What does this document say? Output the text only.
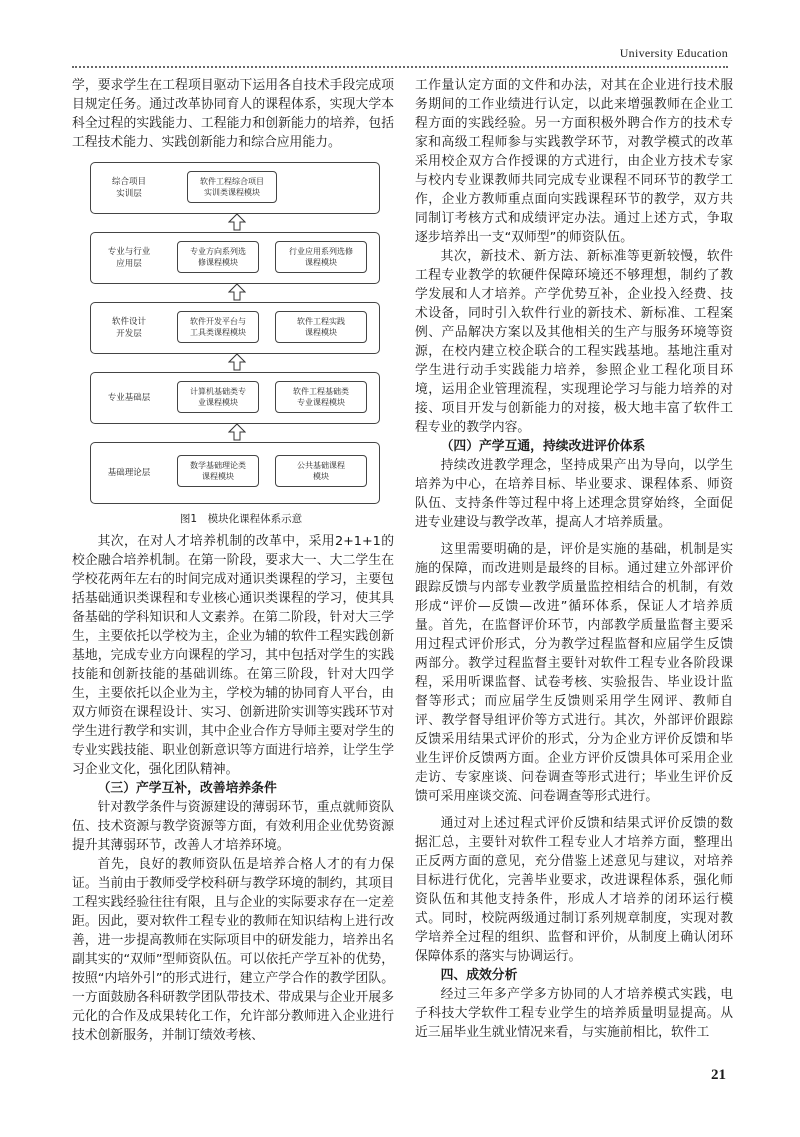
University Education

学，要求学生在工程项目驱动下运用各自技术手段完成项目规定任务。通过改革协同育人的课程体系，实现大学本科全过程的实践能力、工程能力和创新能力的培养，包括工程技术能力、实践创新能力和综合应用能力。

综合项目
实训层
软件工程综合项目
实训类课程模块
专业与行业
应用层
专业方向系列选
修课程模块
行业应用系列选修
课程模块
软件设计
开发层
软件开发平台与
工具类课程模块
软件工程实践
课程模块
专业基础层
计算机基础类专
业课程模块
软件工程基础类
专业课程模块
基础理论层
数学基础理论类
课程模块
公共基础课程
模块
图1　模块化课程体系示意

其次，在对人才培养机制的改革中，采用2+1+1的校企融合培养机制。在第一阶段，要求大一、大二学生在学校花两年左右的时间完成对通识类课程的学习，主要包括基础通识类课程和专业核心通识类课程的学习，使其具备基础的学科知识和人文素养。在第二阶段，针对大三学生，主要依托以学校为主，企业为辅的软件工程实践创新基地，完成专业方向课程的学习，其中包括对学生的实践技能和创新技能的基础训练。在第三阶段，针对大四学生，主要依托以企业为主，学校为辅的协同育人平台，由双方师资在课程设计、实习、创新进阶实训等实践环节对学生进行教学和实训，其中企业合作方导师主要对学生的专业实践技能、职业创新意识等方面进行培养，让学生学习企业文化，强化团队精神。

（三）产学互补，改善培养条件

针对教学条件与资源建设的薄弱环节，重点就师资队伍、技术资源与教学资源等方面，有效利用企业优势资源提升其薄弱环节，改善人才培养环境。

首先，良好的教师资队伍是培养合格人才的有力保证。当前由于教师受学校科研与教学环境的制约，其项目工程实践经验往往有限，且与企业的实际要求存在一定差距。因此，要对软件工程专业的教师在知识结构上进行改善，进一步提高教师在实际项目中的研发能力，培养出名副其实的“双师”型师资队伍。可以依托产学互补的优势，按照“内培外引”的形式进行，建立产学合作的教学团队。一方面鼓励各科研教学团队带技术、带成果与企业开展多元化的合作及成果转化工作，允许部分教师进入企业进行技术创新服务，并制订绩效考核、

工作量认定方面的文件和办法，对其在企业进行技术服务期间的工作业绩进行认定，以此来增强教师在企业工程方面的实践经验。另一方面积极外聘合作方的技术专家和高级工程师参与实践教学环节，对教学模式的改革采用校企双方合作授课的方式进行，由企业方技术专家与校内专业课教师共同完成专业课程不同环节的教学工作，企业方教师重点面向实践课程环节的教学，双方共同制订考核方式和成绩评定办法。通过上述方式，争取逐步培养出一支“双师型”的师资队伍。

其次，新技术、新方法、新标准等更新较慢，软件工程专业教学的软硬件保障环境还不够理想，制约了教学发展和人才培养。产学优势互补，企业投入经费、技术设备，同时引入软件行业的新技术、新标准、工程案例、产品解决方案以及其他相关的生产与服务环境等资源，在校内建立校企联合的工程实践基地。基地注重对学生进行动手实践能力培养，参照企业工程化项目环境，运用企业管理流程，实现理论学习与能力培养的对接、项目开发与创新能力的对接，极大地丰富了软件工程专业的教学内容。

（四）产学互通，持续改进评价体系

持续改进教学理念，坚持成果产出为导向，以学生培养为中心，在培养目标、毕业要求、课程体系、师资队伍、支持条件等过程中将上述理念贯穿始终，全面促进专业建设与教学改革，提高人才培养质量。

这里需要明确的是，评价是实施的基础，机制是实施的保障，而改进则是最终的目标。通过建立外部评价跟踪反馈与内部专业教学质量监控相结合的机制，有效形成“评价—反馈—改进”循环体系，保证人才培养质量。首先，在监督评价环节，内部教学质量监督主要采用过程式评价形式，分为教学过程监督和应届学生反馈两部分。教学过程监督主要针对软件工程专业各阶段课程，采用听课监督、试卷考核、实验报告、毕业设计监督等形式；而应届学生反馈则采用学生网评、教师自评、教学督导组评价等方式进行。其次，外部评价跟踪反馈采用结果式评价的形式，分为企业方评价反馈和毕业生评价反馈两方面。企业方评价反馈具体可采用企业走访、专家座谈、问卷调查等形式进行；毕业生评价反馈可采用座谈交流、问卷调查等形式进行。

通过对上述过程式评价反馈和结果式评价反馈的数据汇总，主要针对软件工程专业人才培养方面，整理出正反两方面的意见，充分借鉴上述意见与建议，对培养目标进行优化，完善毕业要求，改进课程体系，强化师资队伍和其他支持条件，形成人才培养的闭环运行模式。同时，校院两级通过制订系列规章制度，实现对教学培养全过程的组织、监督和评价，从制度上确认闭环保障体系的落实与协调运行。

四、成效分析

经过三年多产学多方协同的人才培养模式实践，电子科技大学软件工程专业学生的培养质量明显提高。从近三届毕业生就业情况来看，与实施前相比，软件工

21
